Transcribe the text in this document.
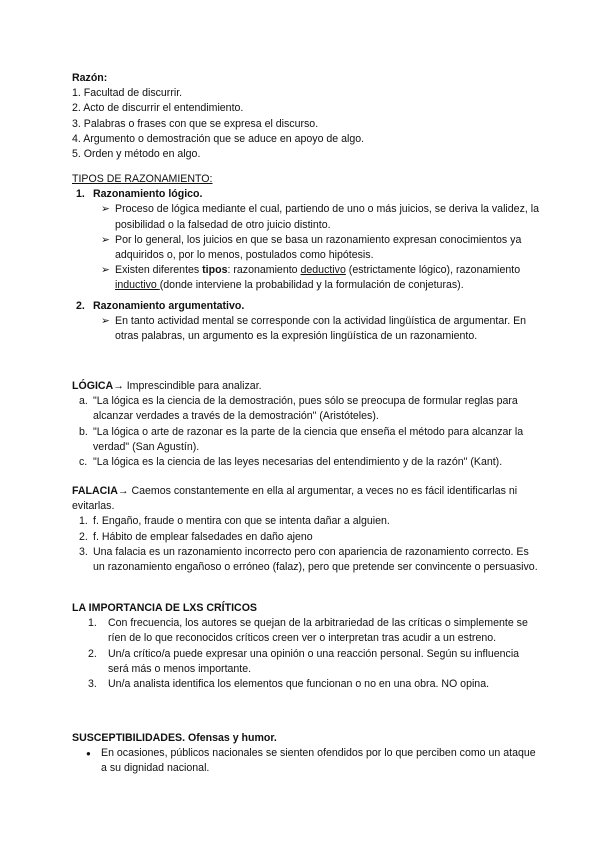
Razón:

1. Facultad de discurrir.

2. Acto de discurrir el entendimiento.

3. Palabras o frases con que se expresa el discurso.

4. Argumento o demostración que se aduce en apoyo de algo.

5. Orden y método en algo.

TIPOS DE RAZONAMIENTO:

1. Razonamiento lógico.
➢ Proceso de lógica mediante el cual, partiendo de uno o más juicios, se deriva la validez, la posibilidad o la falsedad de otro juicio distinto.
➢ Por lo general, los juicios en que se basa un razonamiento expresan conocimientos ya adquiridos o, por lo menos, postulados como hipótesis.
➢ Existen diferentes tipos: razonamiento deductivo (estrictamente lógico), razonamiento inductivo (donde interviene la probabilidad y la formulación de conjeturas).
2. Razonamiento argumentativo.
➢ En tanto actividad mental se corresponde con la actividad lingüística de argumentar. En otras palabras, un argumento es la expresión lingüística de un razonamiento.

LÓGICA→ Imprescindible para analizar.

a. "La lógica es la ciencia de la demostración, pues sólo se preocupa de formular reglas para alcanzar verdades a través de la demostración" (Aristóteles).
b. "La lógica o arte de razonar es la parte de la ciencia que enseña el método para alcanzar la verdad" (San Agustín).
c. "La lógica es la ciencia de las leyes necesarias del entendimiento y de la razón" (Kant).

FALACIA→ Caemos constantemente en ella al argumentar, a veces no es fácil identificarlas ni evitarlas.

1. f. Engaño, fraude o mentira con que se intenta dañar a alguien.
2. f. Hábito de emplear falsedades en daño ajeno
3. Una falacia es un razonamiento incorrecto pero con apariencia de razonamiento correcto. Es un razonamiento engañoso o erróneo (falaz), pero que pretende ser convincente o persuasivo.

LA IMPORTANCIA DE LXS CRÍTICOS

1. Con frecuencia, los autores se quejan de la arbitrariedad de las críticas o simplemente se ríen de lo que reconocidos críticos creen ver o interpretan tras acudir a un estreno.
2. Un/a crítico/a puede expresar una opinión o una reacción personal. Según su influencia será más o menos importante.
3. Un/a analista identifica los elementos que funcionan o no en una obra. NO opina.

SUSCEPTIBILIDADES. Ofensas y humor.

● En ocasiones, públicos nacionales se sienten ofendidos por lo que perciben como un ataque a su dignidad nacional.
